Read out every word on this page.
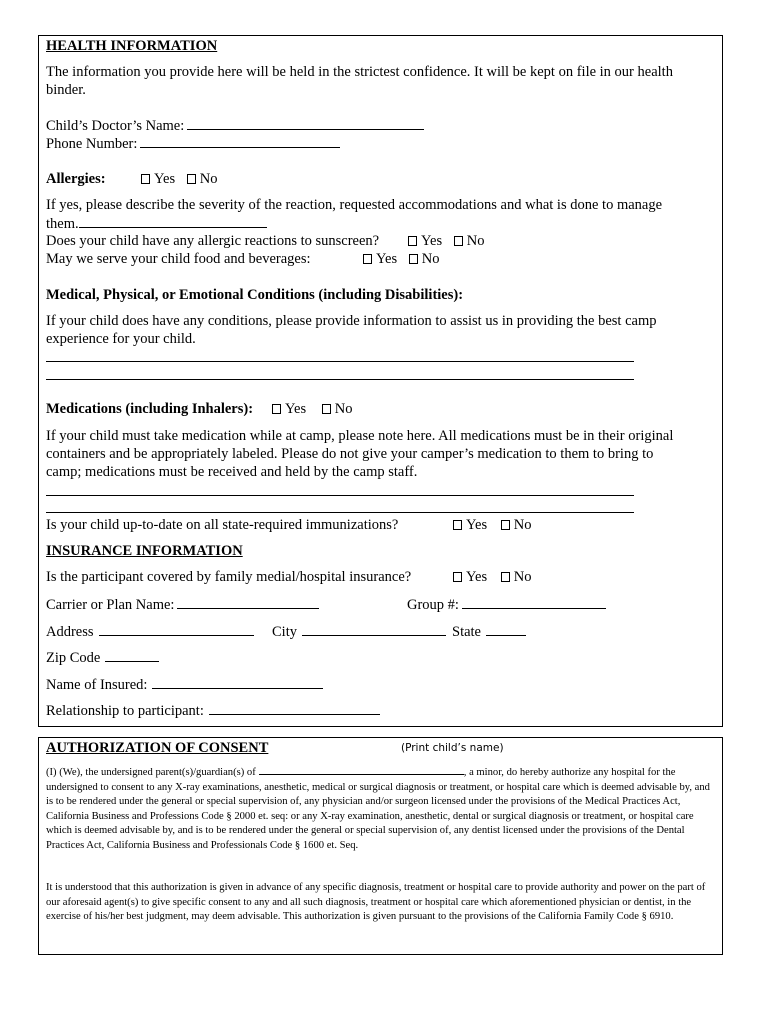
HEALTH INFORMATION
The information you provide here will be held in the strictest confidence. It will be kept on file in our health
binder.
Child’s Doctor’s Name:
Phone Number:
Allergies:	Yes No
If yes, please describe the severity of the reaction, requested accommodations and what is done to manage
them.
Does your child have any allergic reactions to sunscreen?	Yes No
May we serve your child food and beverages:	Yes No
Medical, Physical, or Emotional Conditions (including Disabilities):
If your child does have any conditions, please provide information to assist us in providing the best camp
experience for your child.
Medications (including Inhalers):	Yes No
If your child must take medication while at camp, please note here. All medications must be in their original
containers and be appropriately labeled. Please do not give your camper’s medication to them to bring to
camp; medications must be received and held by the camp staff.
Is your child up-to-date on all state-required immunizations?	Yes No
INSURANCE INFORMATION
Is the participant covered by family medial/hospital insurance?	Yes No
Carrier or Plan Name:	Group #:
Address	City	State
Zip Code
Name of Insured:
Relationship to participant:
AUTHORIZATION OF CONSENT	(Print child’s name)
(I) (We), the undersigned parent(s)/guardian(s) of	, a minor, do hereby authorize any hospital for the undersigned to consent to any X-ray examinations, anesthetic, medical or surgical diagnosis or treatment, or hospital care which is deemed advisable by, and is to be rendered under the general or special supervision of, any physician and/or surgeon licensed under the provisions of the Medical Practices Act, California Business and Professions Code § 2000 et. seq: or any X-ray examination, anesthetic, dental or surgical diagnosis or treatment, or hospital care which is deemed advisable by, and is to be rendered under the general or special supervision of, any dentist licensed under the provisions of the Dental Practices Act, California Business and Professionals Code § 1600 et. Seq.
It is understood that this authorization is given in advance of any specific diagnosis, treatment or hospital care to provide authority and power on the part of our aforesaid agent(s) to give specific consent to any and all such diagnosis, treatment or hospital care which aforementioned physician or dentist, in the exercise of his/her best judgment, may deem advisable. This authorization is given pursuant to the provisions of the California Family Code § 6910.
